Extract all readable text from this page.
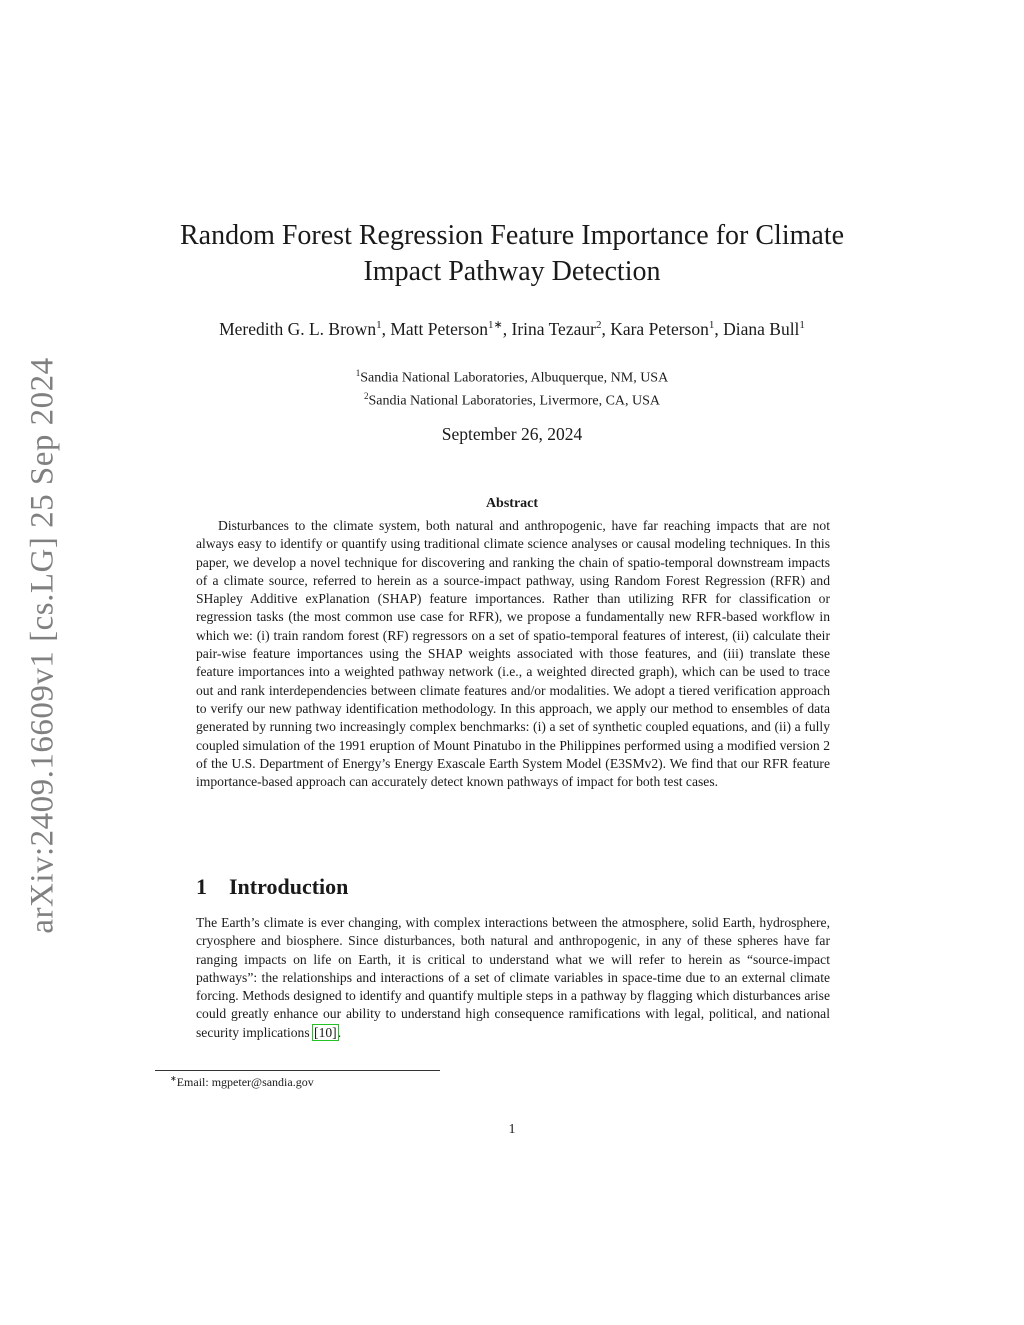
arXiv:2409.16609v1 [cs.LG] 25 Sep 2024
Random Forest Regression Feature Importance for Climate Impact Pathway Detection
Meredith G. L. Brown$^1$, Matt Peterson$^{1∗}$, Irina Tezaur$^2$, Kara Peterson$^1$, Diana Bull$^1$
$^1$Sandia National Laboratories, Albuquerque, NM, USA
$^2$Sandia National Laboratories, Livermore, CA, USA
September 26, 2024
Abstract

Disturbances to the climate system, both natural and anthropogenic, have far reaching impacts that are not always easy to identify or quantify using traditional climate science analyses or causal modeling techniques. In this paper, we develop a novel technique for discovering and ranking the chain of spatio-temporal downstream impacts of a climate source, referred to herein as a source-impact pathway, using Random Forest Regression (RFR) and SHapley Additive exPlanation (SHAP) feature importances. Rather than utilizing RFR for classification or regression tasks (the most common use case for RFR), we propose a fundamentally new RFR-based workflow in which we: (i) train random forest (RF) regressors on a set of spatio-temporal features of interest, (ii) calculate their pair-wise feature importances using the SHAP weights associated with those features, and (iii) translate these feature importances into a weighted pathway network (i.e., a weighted directed graph), which can be used to trace out and rank interdependencies between climate features and/or modalities. We adopt a tiered verification approach to verify our new pathway identification methodology. In this approach, we apply our method to ensembles of data generated by running two increasingly complex benchmarks: (i) a set of synthetic coupled equations, and (ii) a fully coupled simulation of the 1991 eruption of Mount Pinatubo in the Philippines performed using a modified version 2 of the U.S. Department of Energy’s Energy Exascale Earth System Model (E3SMv2). We find that our RFR feature importance-based approach can accurately detect known pathways of impact for both test cases.

1 Introduction

The Earth’s climate is ever changing, with complex interactions between the atmosphere, solid Earth, hydrosphere, cryosphere and biosphere. Since disturbances, both natural and anthropogenic, in any of these spheres have far ranging impacts on life on Earth, it is critical to understand what we will refer to herein as “source-impact pathways”: the relationships and interactions of a set of climate variables in space-time due to an external climate forcing. Methods designed to identify and quantify multiple steps in a pathway by flagging which disturbances arise could greatly enhance our ability to understand high consequence ramifications with legal, political, and national security implications [10].

∗Email: mgpeter@sandia.gov
1
